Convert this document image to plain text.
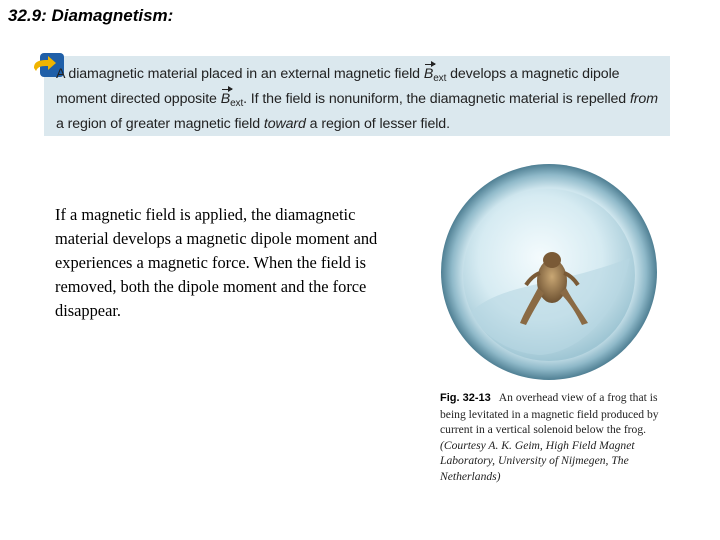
32.9: Diamagnetism:
A diamagnetic material placed in an external magnetic field $B_{ext}$ develops a magnetic dipole moment directed opposite $B_{ext}$. If the field is nonuniform, the diamagnetic material is repelled from a region of greater magnetic field toward a region of lesser field.
If a magnetic field is applied, the diamagnetic material develops a magnetic dipole moment and experiences a magnetic force. When the field is removed, both the dipole moment and the force disappear.
Fig. 32-13 An overhead view of a frog that is being levitated in a magnetic field produced by current in a vertical solenoid below the frog. (Courtesy A. K. Geim, High Field Magnet Laboratory, University of Nijmegen, The Netherlands)
